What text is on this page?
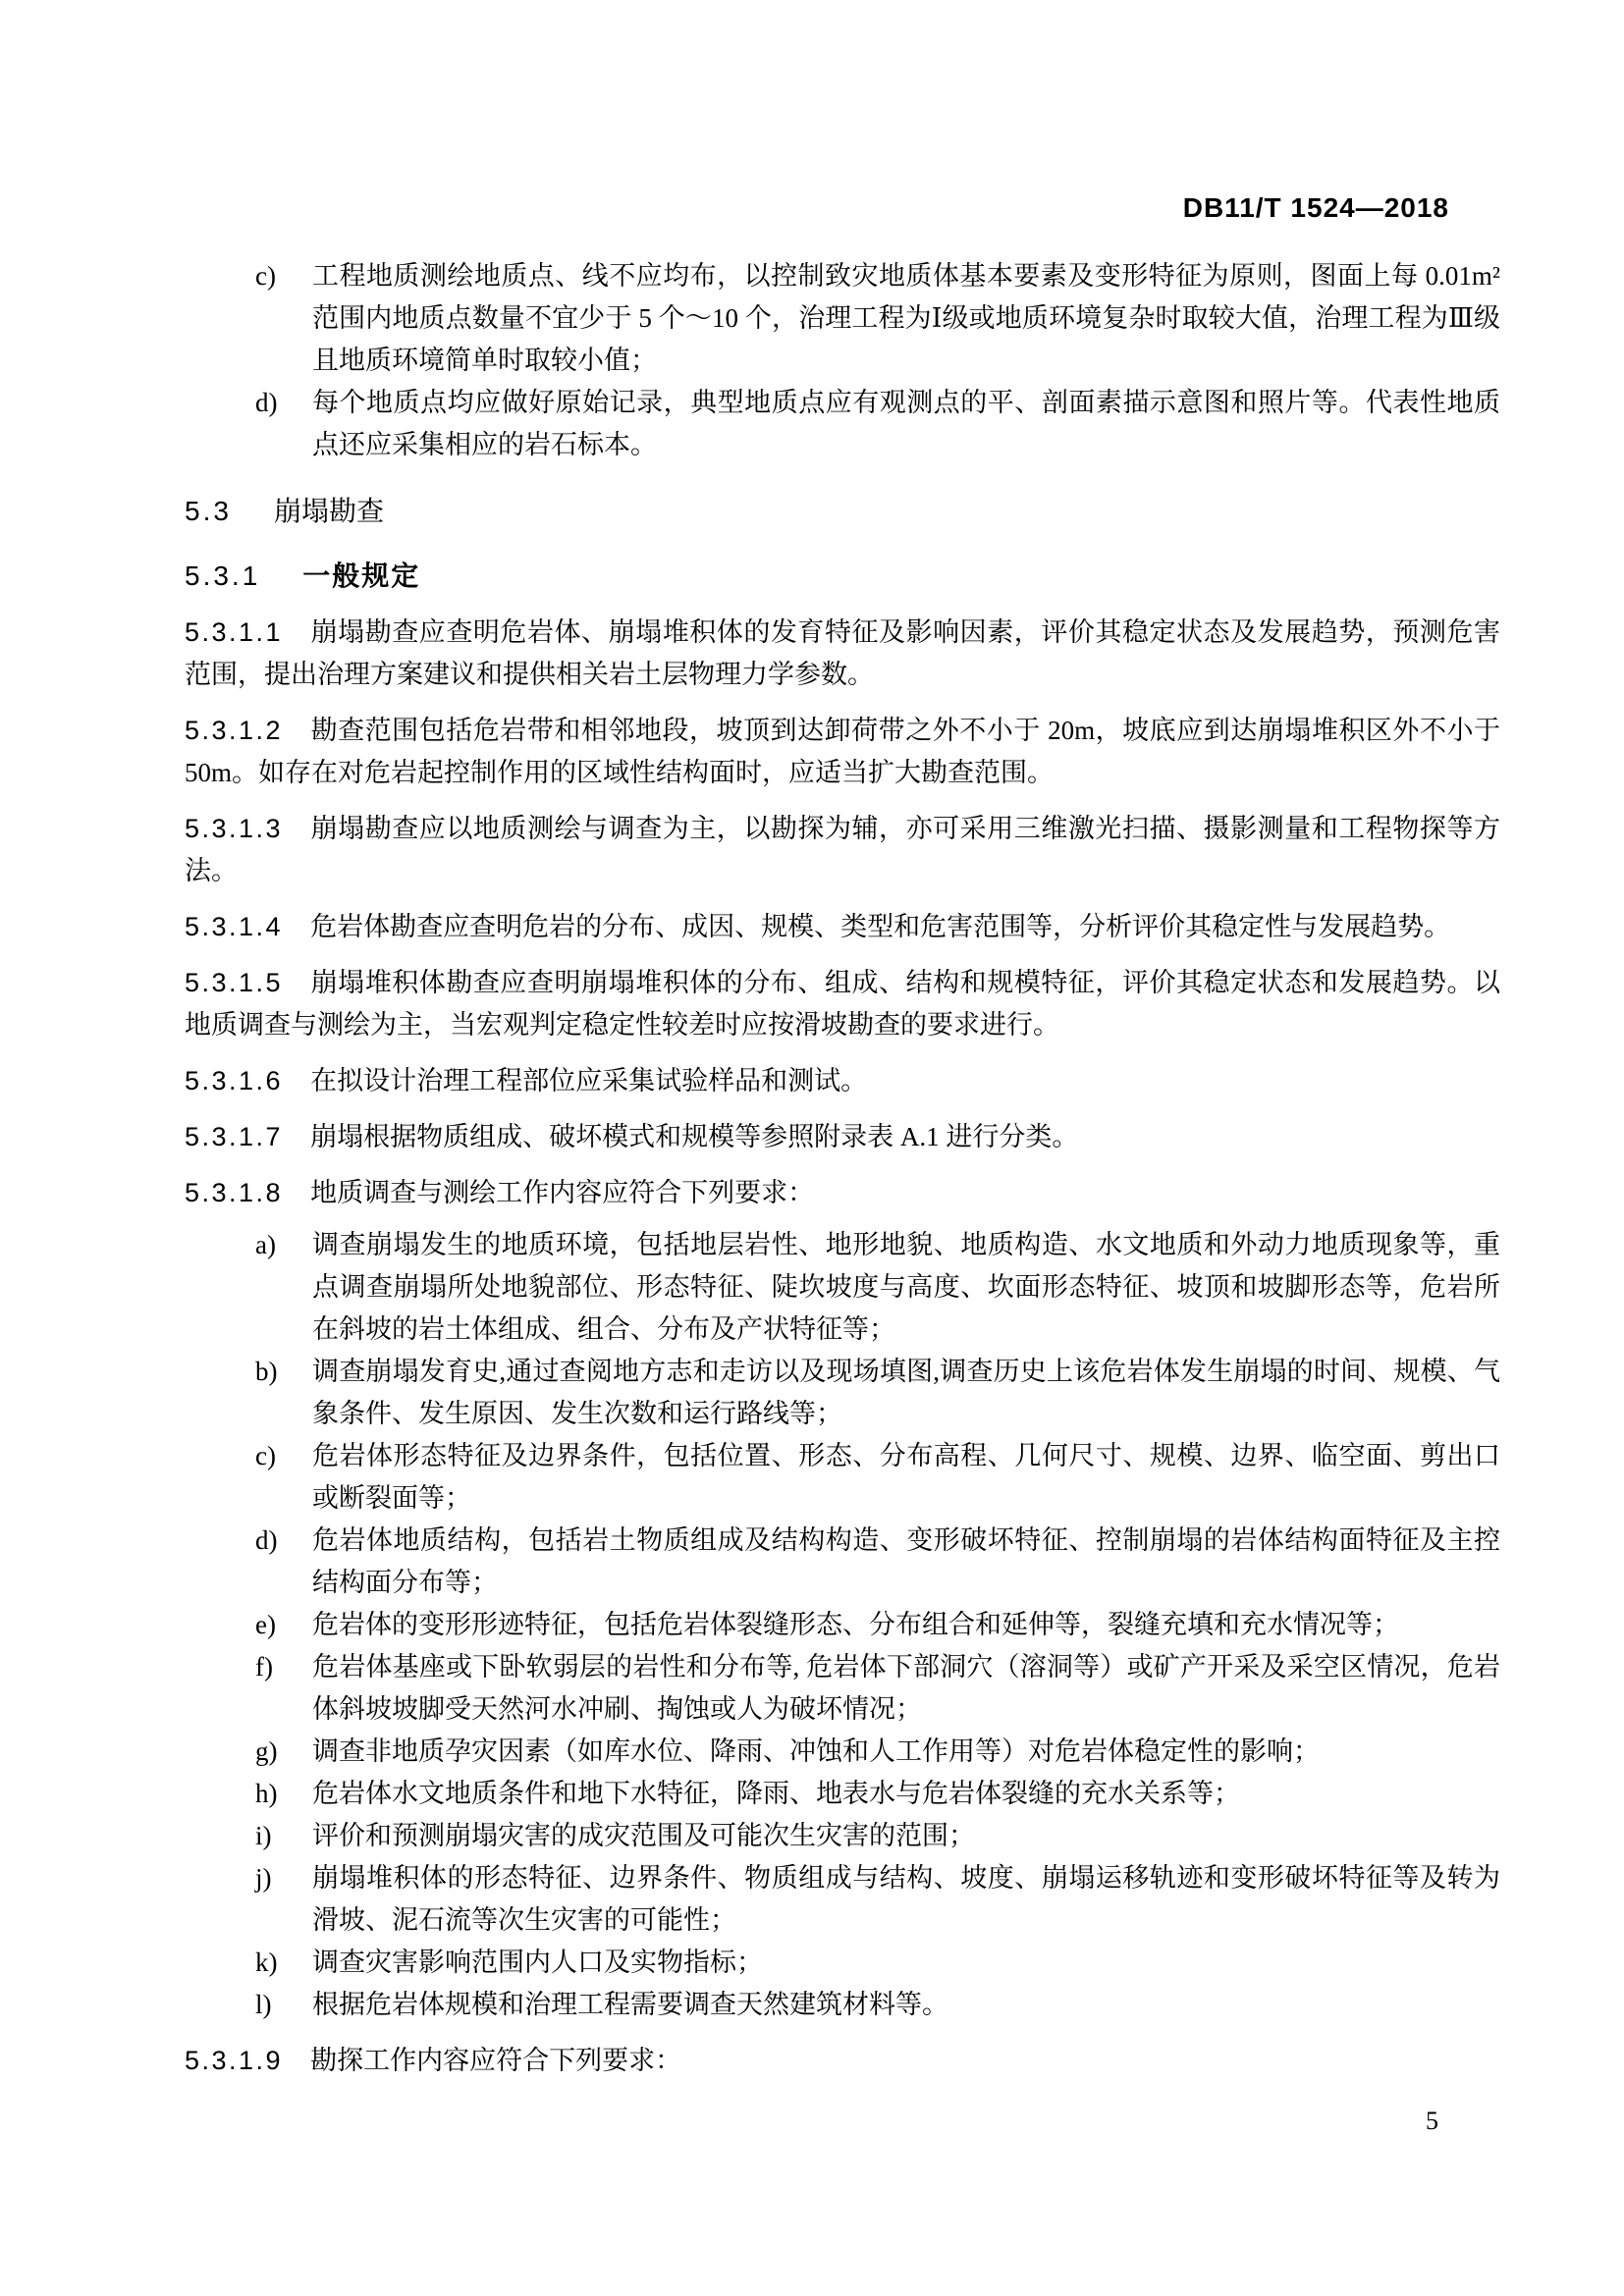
DB11/T 1524—2018
c) 工程地质测绘地质点、线不应均布，以控制致灾地质体基本要素及变形特征为原则，图面上每 0.01m²范围内地质点数量不宜少于 5 个～10 个，治理工程为Ⅰ级或地质环境复杂时取较大值，治理工程为Ⅲ级且地质环境简单时取较小值；
d) 每个地质点均应做好原始记录，典型地质点应有观测点的平、剖面素描示意图和照片等。代表性地质点还应采集相应的岩石标本。
5.3 崩塌勘查
5.3.1 一般规定

5.3.1.1 崩塌勘查应查明危岩体、崩塌堆积体的发育特征及影响因素，评价其稳定状态及发展趋势，预测危害范围，提出治理方案建议和提供相关岩土层物理力学参数。

5.3.1.2 勘查范围包括危岩带和相邻地段，坡顶到达卸荷带之外不小于 20m，坡底应到达崩塌堆积区外不小于 50m。如存在对危岩起控制作用的区域性结构面时，应适当扩大勘查范围。

5.3.1.3 崩塌勘查应以地质测绘与调查为主，以勘探为辅，亦可采用三维激光扫描、摄影测量和工程物探等方法。

5.3.1.4 危岩体勘查应查明危岩的分布、成因、规模、类型和危害范围等，分析评价其稳定性与发展趋势。

5.3.1.5 崩塌堆积体勘查应查明崩塌堆积体的分布、组成、结构和规模特征，评价其稳定状态和发展趋势。以地质调查与测绘为主，当宏观判定稳定性较差时应按滑坡勘查的要求进行。

5.3.1.6 在拟设计治理工程部位应采集试验样品和测试。

5.3.1.7 崩塌根据物质组成、破坏模式和规模等参照附录表 A.1 进行分类。

5.3.1.8 地质调查与测绘工作内容应符合下列要求：

a) 调查崩塌发生的地质环境，包括地层岩性、地形地貌、地质构造、水文地质和外动力地质现象等，重点调查崩塌所处地貌部位、形态特征、陡坎坡度与高度、坎面形态特征、坡顶和坡脚形态等，危岩所在斜坡的岩土体组成、组合、分布及产状特征等；
b) 调查崩塌发育史,通过查阅地方志和走访以及现场填图,调查历史上该危岩体发生崩塌的时间、规模、气象条件、发生原因、发生次数和运行路线等；
c) 危岩体形态特征及边界条件，包括位置、形态、分布高程、几何尺寸、规模、边界、临空面、剪出口或断裂面等；
d) 危岩体地质结构，包括岩土物质组成及结构构造、变形破坏特征、控制崩塌的岩体结构面特征及主控结构面分布等；
e) 危岩体的变形形迹特征，包括危岩体裂缝形态、分布组合和延伸等，裂缝充填和充水情况等；
f) 危岩体基座或下卧软弱层的岩性和分布等, 危岩体下部洞穴（溶洞等）或矿产开采及采空区情况，危岩体斜坡坡脚受天然河水冲刷、掏蚀或人为破坏情况；
g) 调查非地质孕灾因素（如库水位、降雨、冲蚀和人工作用等）对危岩体稳定性的影响；
h) 危岩体水文地质条件和地下水特征，降雨、地表水与危岩体裂缝的充水关系等；
i) 评价和预测崩塌灾害的成灾范围及可能次生灾害的范围；
j) 崩塌堆积体的形态特征、边界条件、物质组成与结构、坡度、崩塌运移轨迹和变形破坏特征等及转为滑坡、泥石流等次生灾害的可能性；
k) 调查灾害影响范围内人口及实物指标；
l) 根据危岩体规模和治理工程需要调查天然建筑材料等。

5.3.1.9 勘探工作内容应符合下列要求：

5
